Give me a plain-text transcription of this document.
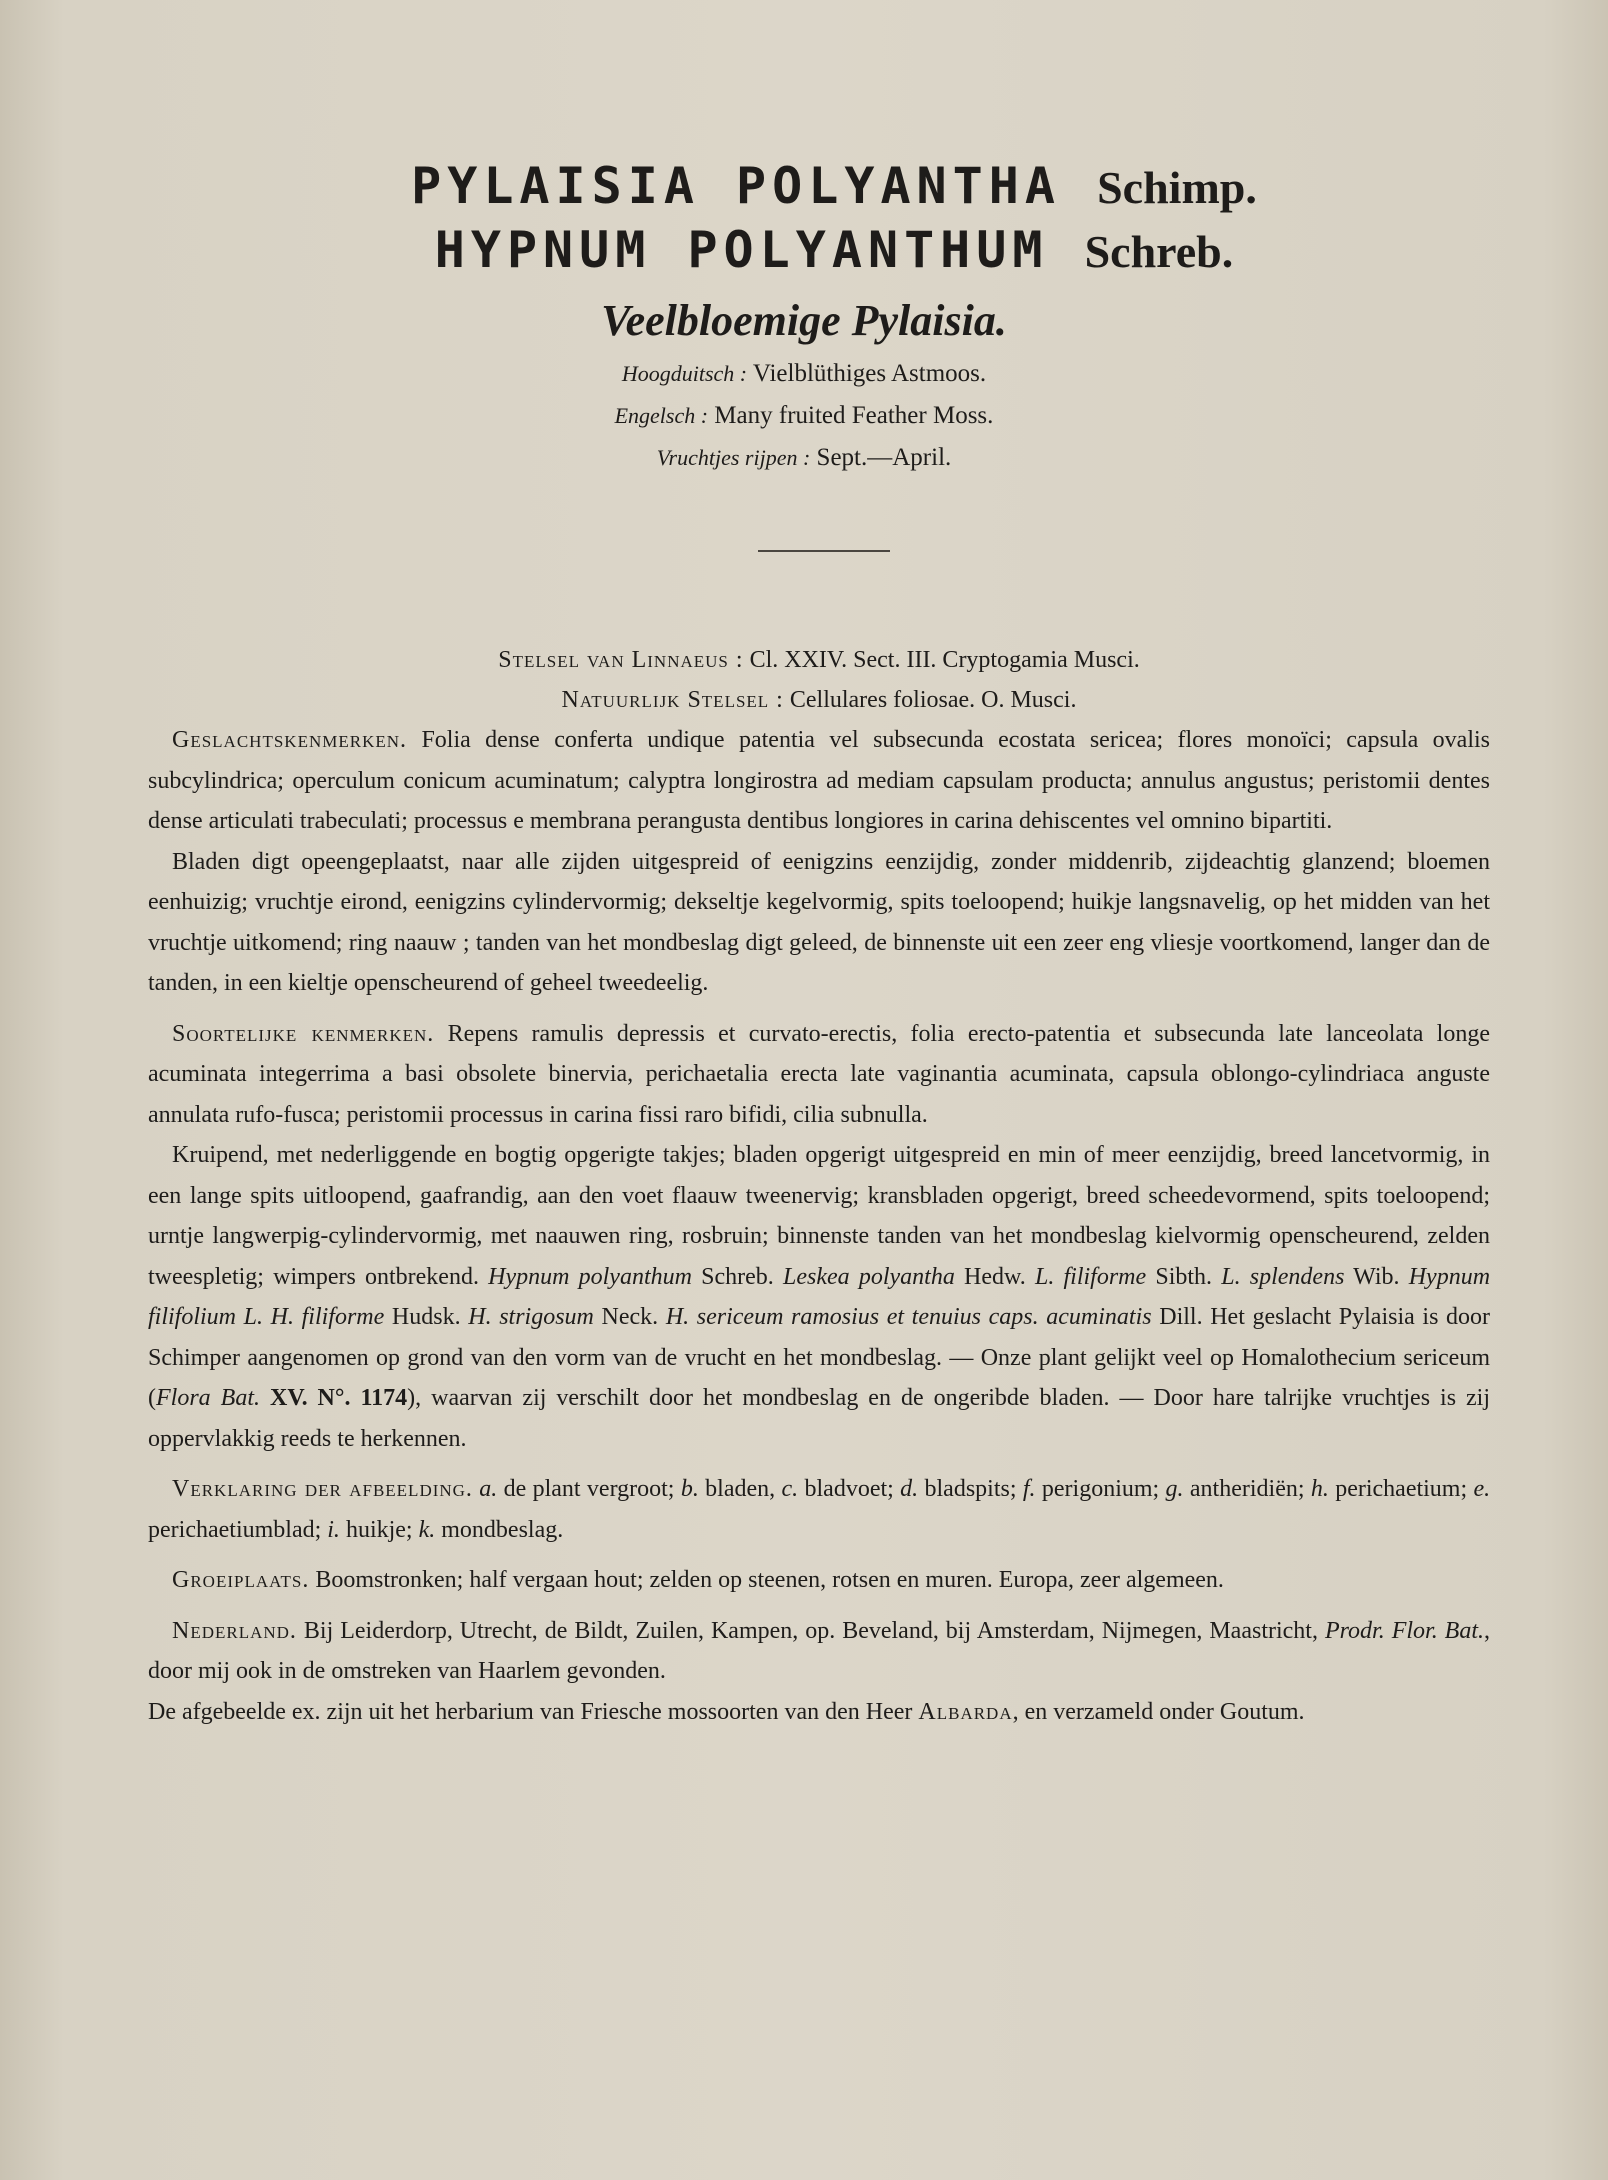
PYLAISIA POLYANTHA Schimp.
HYPNUM POLYANTHUM Schreb.
Veelbloemige Pylaisia.
Hoogduitsch : Vielblüthiges Astmoos.
Engelsch : Many fruited Feather Moss.
Vruchtjes rijpen : Sept.—April.
Stelsel van Linnaeus : Cl. XXIV. Sect. III. Cryptogamia Musci.
Natuurlijk Stelsel : Cellulares foliosae. O. Musci.

Geslachtskenmerken. Folia dense conferta undique patentia vel subsecunda ecostata sericea; flores monoïci; capsula ovalis subcylindrica; operculum conicum acuminatum; calyptra longirostra ad mediam capsulam producta; annulus angustus; peristomii dentes dense articulati trabeculati; processus e membrana perangusta dentibus longiores in carina dehiscentes vel omnino bipartiti.

Bladen digt opeengeplaatst, naar alle zijden uitgespreid of eenigzins eenzijdig, zonder middenrib, zijdeachtig glanzend; bloemen eenhuizig; vruchtje eirond, eenigzins cylindervormig; dekseltje kegelvormig, spits toeloopend; huikje langsnavelig, op het midden van het vruchtje uitkomend; ring naauw ; tanden van het mondbeslag digt geleed, de binnenste uit een zeer eng vliesje voortkomend, langer dan de tanden, in een kieltje openscheurend of geheel tweedeelig.

Soortelijke kenmerken. Repens ramulis depressis et curvato-erectis, folia erecto-patentia et subsecunda late lanceolata longe acuminata integerrima a basi obsolete binervia, perichaetalia erecta late vaginantia acuminata, capsula oblongo-cylindriaca anguste annulata rufo-fusca; peristomii processus in carina fissi raro bifidi, cilia subnulla.

Kruipend, met nederliggende en bogtig opgerigte takjes; bladen opgerigt uitgespreid en min of meer eenzijdig, breed lancetvormig, in een lange spits uitloopend, gaafrandig, aan den voet flaauw tweenervig; kransbladen opgerigt, breed scheedevormend, spits toeloopend; urntje langwerpig-cylindervormig, met naauwen ring, rosbruin; binnenste tanden van het mondbeslag kielvormig openscheurend, zelden tweespletig; wimpers ontbrekend. Hypnum polyanthum Schreb. Leskea polyantha Hedw. L. filiforme Sibth. L. splendens Wib. Hypnum filifolium L. H. filiforme Hudsk. H. strigosum Neck. H. sericeum ramosius et tenuius caps. acuminatis Dill. Het geslacht Pylaisia is door Schimper aangenomen op grond van den vorm van de vrucht en het mondbeslag. — Onze plant gelijkt veel op Homalothecium sericeum (Flora Bat. XV. N°. 1174), waarvan zij verschilt door het mondbeslag en de ongeribde bladen. — Door hare talrijke vruchtjes is zij oppervlakkig reeds te herkennen.

Verklaring der afbeelding. a. de plant vergroot; b. bladen, c. bladvoet; d. bladspits; f. perigonium; g. antheridiën; h. perichaetium; e. perichaetiumblad; i. huikje; k. mondbeslag.

Groeiplaats. Boomstronken; half vergaan hout; zelden op steenen, rotsen en muren. Europa, zeer algemeen.

Nederland. Bij Leiderdorp, Utrecht, de Bildt, Zuilen, Kampen, op. Beveland, bij Amsterdam, Nijmegen, Maastricht, Prodr. Flor. Bat., door mij ook in de omstreken van Haarlem gevonden.

De afgebeelde ex. zijn uit het herbarium van Friesche mossoorten van den Heer Albarda, en verzameld onder Goutum.
